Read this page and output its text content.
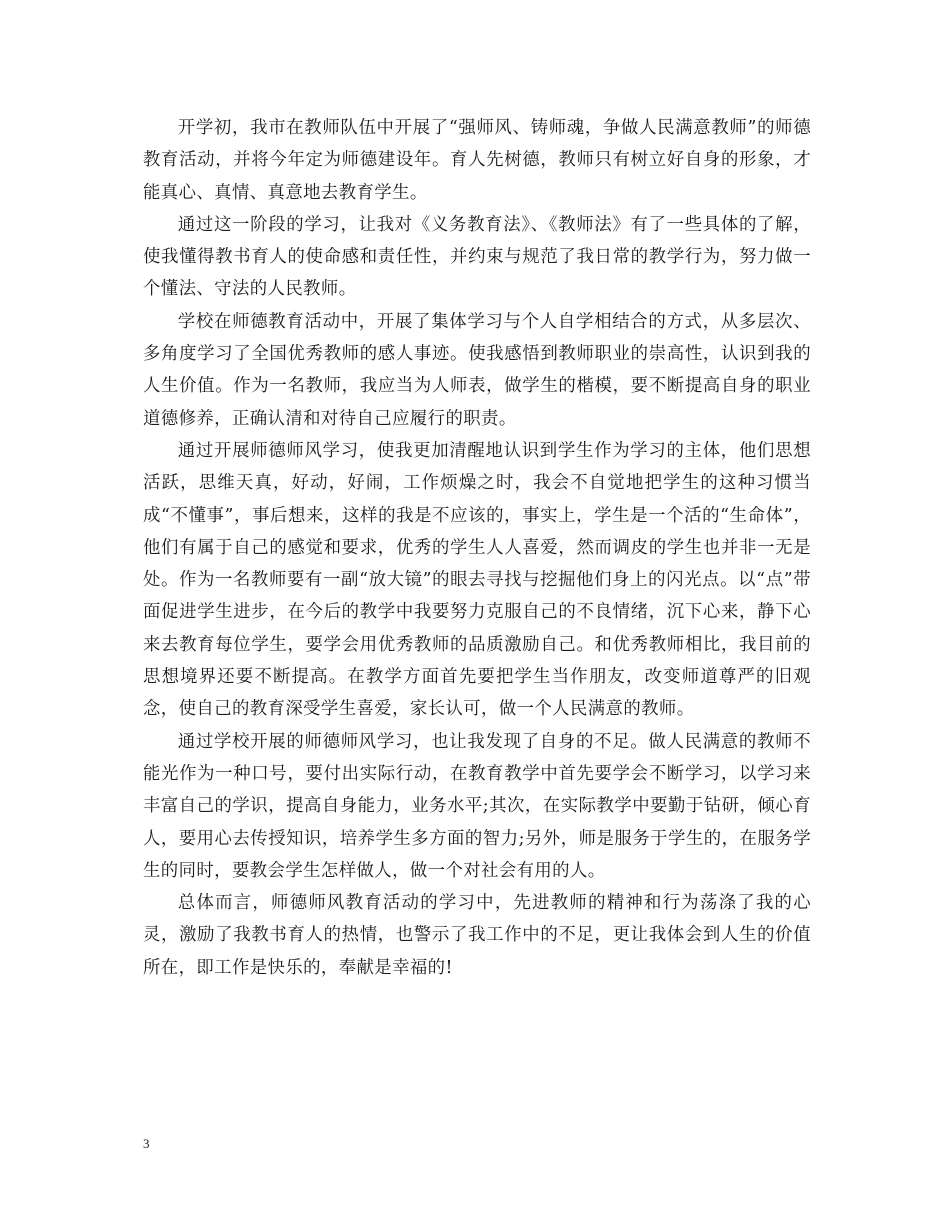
开学初，我市在教师队伍中开展了“强师风、铸师魂，争做人民满意教师”的师德教育活动，并将今年定为师德建设年。育人先树德，教师只有树立好自身的形象，才能真心、真情、真意地去教育学生。

通过这一阶段的学习，让我对《义务教育法》、《教师法》有了一些具体的了解，使我懂得教书育人的使命感和责任性，并约束与规范了我日常的教学行为，努力做一个懂法、守法的人民教师。

学校在师德教育活动中，开展了集体学习与个人自学相结合的方式，从多层次、多角度学习了全国优秀教师的感人事迹。使我感悟到教师职业的崇高性，认识到我的人生价值。作为一名教师，我应当为人师表，做学生的楷模，要不断提高自身的职业道德修养，正确认清和对待自己应履行的职责。

通过开展师德师风学习，使我更加清醒地认识到学生作为学习的主体，他们思想活跃，思维天真，好动，好闹，工作烦燥之时，我会不自觉地把学生的这种习惯当成“不懂事”，事后想来，这样的我是不应该的，事实上，学生是一个活的“生命体”，他们有属于自己的感觉和要求，优秀的学生人人喜爱，然而调皮的学生也并非一无是处。作为一名教师要有一副“放大镜”的眼去寻找与挖掘他们身上的闪光点。以“点”带面促进学生进步，在今后的教学中我要努力克服自己的不良情绪，沉下心来，静下心来去教育每位学生，要学会用优秀教师的品质激励自己。和优秀教师相比，我目前的思想境界还要不断提高。在教学方面首先要把学生当作朋友，改变师道尊严的旧观念，使自己的教育深受学生喜爱，家长认可，做一个人民满意的教师。

通过学校开展的师德师风学习，也让我发现了自身的不足。做人民满意的教师不能光作为一种口号，要付出实际行动，在教育教学中首先要学会不断学习，以学习来丰富自己的学识，提高自身能力，业务水平;其次，在实际教学中要勤于钻研，倾心育人，要用心去传授知识，培养学生多方面的智力;另外，师是服务于学生的，在服务学生的同时，要教会学生怎样做人，做一个对社会有用的人。

总体而言，师德师风教育活动的学习中，先进教师的精神和行为荡涤了我的心灵，激励了我教书育人的热情，也警示了我工作中的不足，更让我体会到人生的价值所在，即工作是快乐的，奉献是幸福的!

3
